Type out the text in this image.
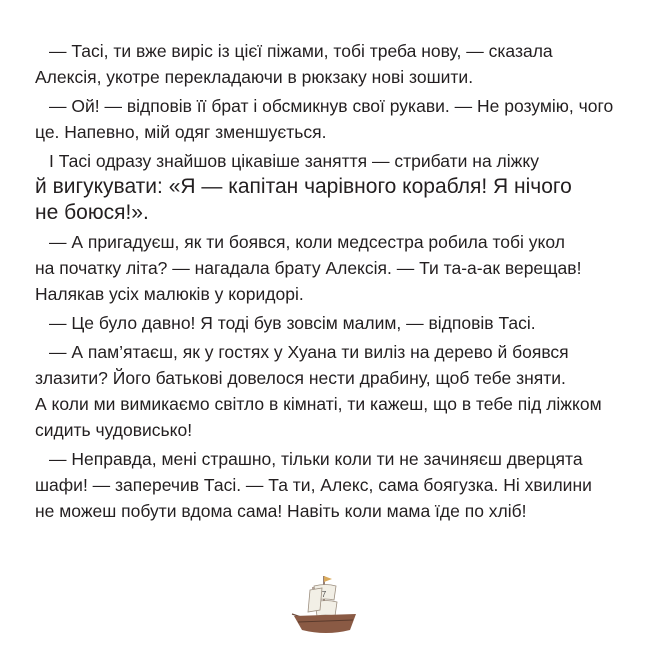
— Тасі, ти вже виріс із цієї піжами, тобі треба нову, — сказала
Алексія, укотре перекладаючи в рюкзаку нові зошити.
— Ой! — відповів її брат і обсмикнув свої рукави. — Не розумію, чого
це. Напевно, мій одяг зменшується.
І Тасі одразу знайшов цікавіше заняття — стрибати на ліжку
й вигукувати: «Я — капітан чарівного корабля! Я нічого
не боюся!».
— А пригадуєш, як ти боявся, коли медсестра робила тобі укол
на початку літа? — нагадала брату Алексія. — Ти та-а-ак верещав!
Налякав усіх малюків у коридорі.
— Це було давно! Я тоді був зовсім малим, — відповів Тасі.
— А пам’ятаєш, як у гостях у Хуана ти виліз на дерево й боявся
злазити? Його батькові довелося нести драбину, щоб тебе зняти.
А коли ми вимикаємо світло в кімнаті, ти кажеш, що в тебе під ліжком
сидить чудовисько!
— Неправда, мені страшно, тільки коли ти не зачиняєш дверцята
шафи! — заперечив Тасі. — Та ти, Алекс, сама боягузка. Ні хвилини
не можеш побути вдома сама! Навіть коли мама їде по хліб!
7
